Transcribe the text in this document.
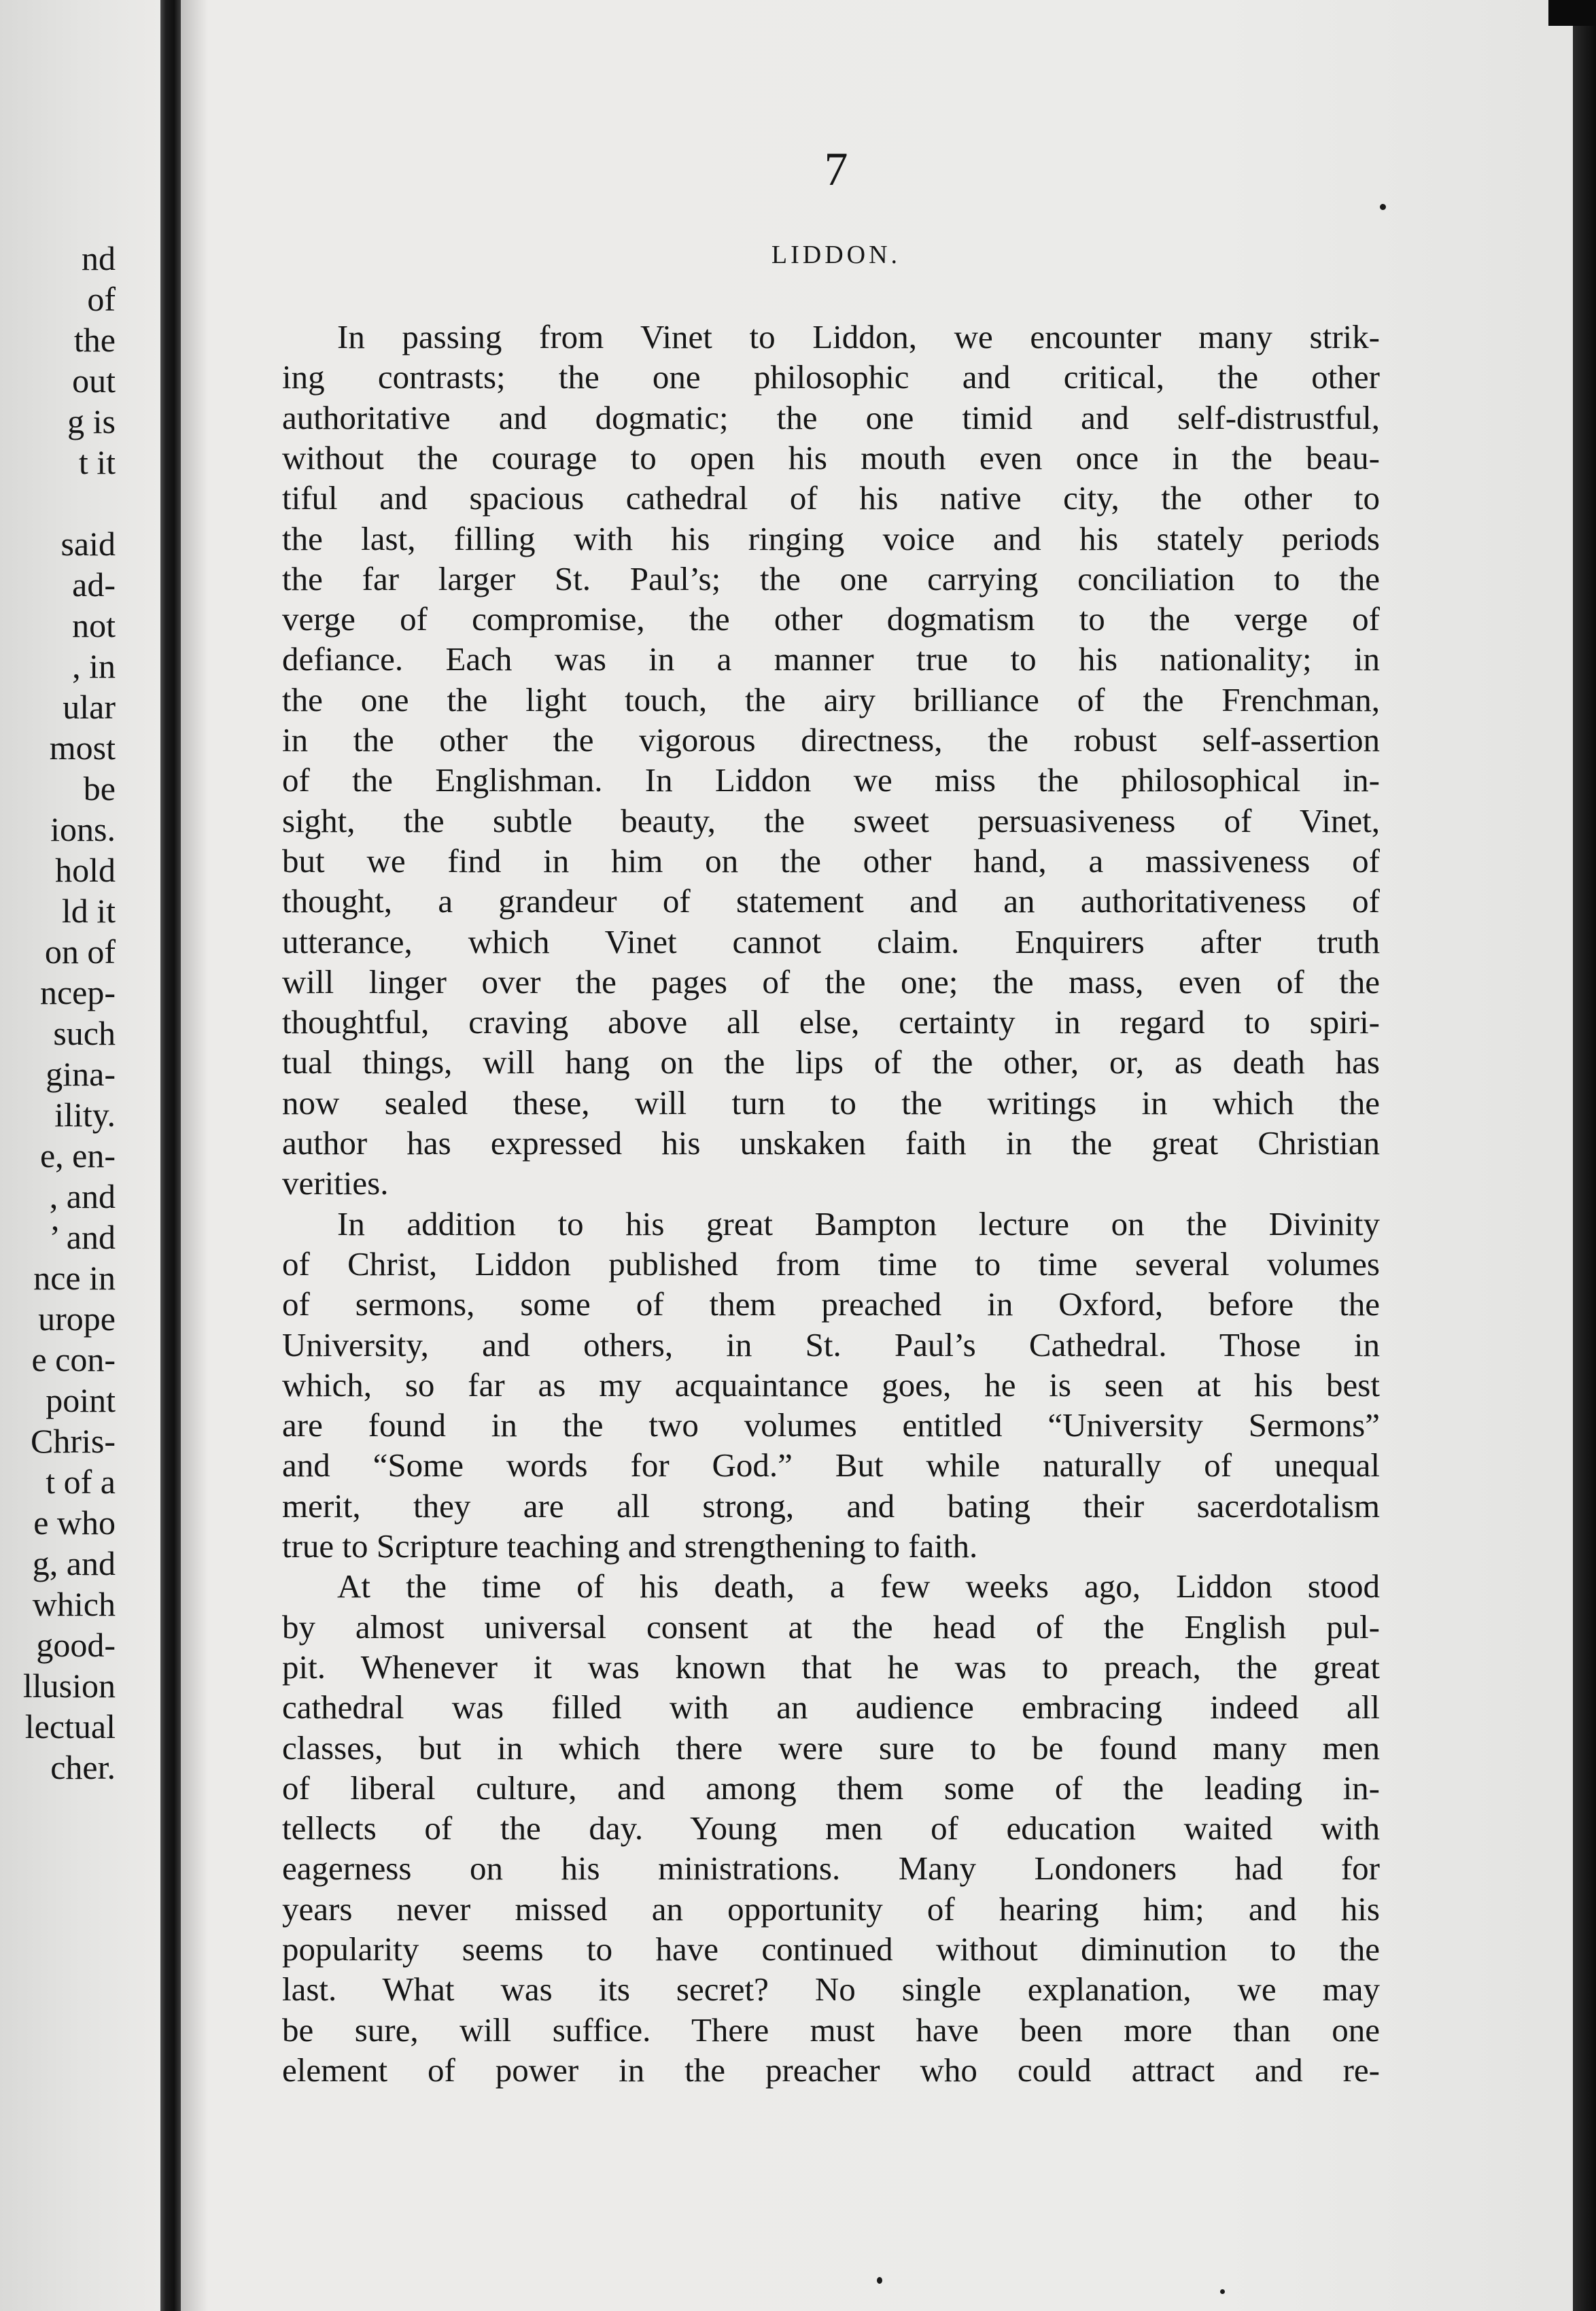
nd
of
the
out
g is
t it
said
ad-
not
, in
ular
most
be
ions.
hold
ld it
on of
ncep-
such
gina-
ility.
e, en-
, and
’ and
nce in
urope
e con-
point
Chris-
t of a
e who
g, and
which
good-
llusion
lectual
cher.
7
LIDDON.
In passing from Vinet to Liddon, we encounter many strik-
ing contrasts; the one philosophic and critical, the other
authoritative and dogmatic; the one timid and self-distrustful,
without the courage to open his mouth even once in the beau-
tiful and spacious cathedral of his native city, the other to
the last, filling with his ringing voice and his stately periods
the far larger St. Paul’s; the one carrying conciliation to the
verge of compromise, the other dogmatism to the verge of
defiance. Each was in a manner true to his nationality; in
the one the light touch, the airy brilliance of the Frenchman,
in the other the vigorous directness, the robust self-assertion
of the Englishman. In Liddon we miss the philosophical in-
sight, the subtle beauty, the sweet persuasiveness of Vinet,
but we find in him on the other hand, a massiveness of
thought, a grandeur of statement and an authoritativeness of
utterance, which Vinet cannot claim. Enquirers after truth
will linger over the pages of the one; the mass, even of the
thoughtful, craving above all else, certainty in regard to spiri-
tual things, will hang on the lips of the other, or, as death has
now sealed these, will turn to the writings in which the
author has expressed his unskaken faith in the great Christian
verities.
In addition to his great Bampton lecture on the Divinity
of Christ, Liddon published from time to time several volumes
of sermons, some of them preached in Oxford, before the
University, and others, in St. Paul’s Cathedral. Those in
which, so far as my acquaintance goes, he is seen at his best
are found in the two volumes entitled “University Sermons”
and “Some words for God.” But while naturally of unequal
merit, they are all strong, and bating their sacerdotalism
true to Scripture teaching and strengthening to faith.
At the time of his death, a few weeks ago, Liddon stood
by almost universal consent at the head of the English pul-
pit. Whenever it was known that he was to preach, the great
cathedral was filled with an audience embracing indeed all
classes, but in which there were sure to be found many men
of liberal culture, and among them some of the leading in-
tellects of the day. Young men of education waited with
eagerness on his ministrations. Many Londoners had for
years never missed an opportunity of hearing him; and his
popularity seems to have continued without diminution to the
last. What was its secret? No single explanation, we may
be sure, will suffice. There must have been more than one
element of power in the preacher who could attract and re-
